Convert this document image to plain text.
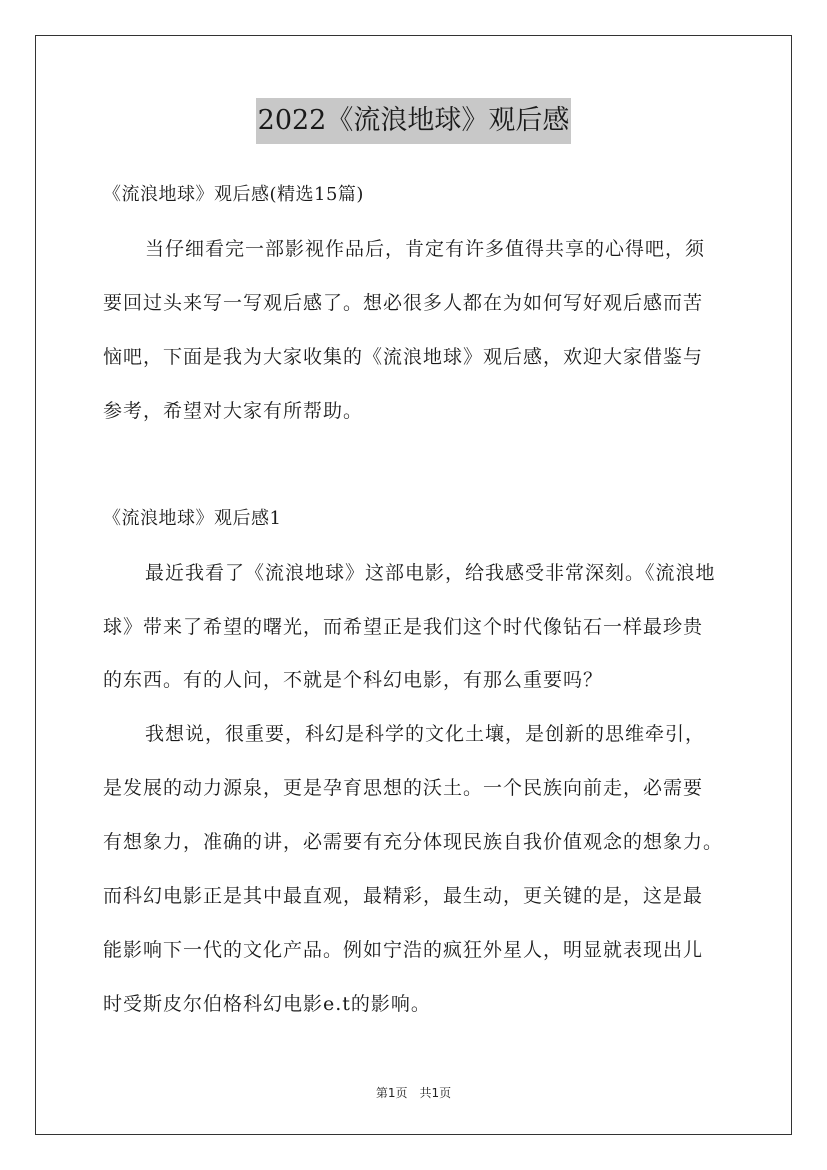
2022《流浪地球》观后感
《流浪地球》观后感(精选15篇)
当仔细看完一部影视作品后，肯定有许多值得共享的心得吧，须
要回过头来写一写观后感了。想必很多人都在为如何写好观后感而苦
恼吧，下面是我为大家收集的《流浪地球》观后感，欢迎大家借鉴与
参考，希望对大家有所帮助。
《流浪地球》观后感1
最近我看了《流浪地球》这部电影，给我感受非常深刻。《流浪地
球》带来了希望的曙光，而希望正是我们这个时代像钻石一样最珍贵
的东西。有的人问，不就是个科幻电影，有那么重要吗？
我想说，很重要，科幻是科学的文化土壤，是创新的思维牵引，
是发展的动力源泉，更是孕育思想的沃土。一个民族向前走，必需要
有想象力，准确的讲，必需要有充分体现民族自我价值观念的想象力。
而科幻电影正是其中最直观，最精彩，最生动，更关键的是，这是最
能影响下一代的文化产品。例如宁浩的疯狂外星人，明显就表现出儿
时受斯皮尔伯格科幻电影e.t的影响。
第1页　共1页
